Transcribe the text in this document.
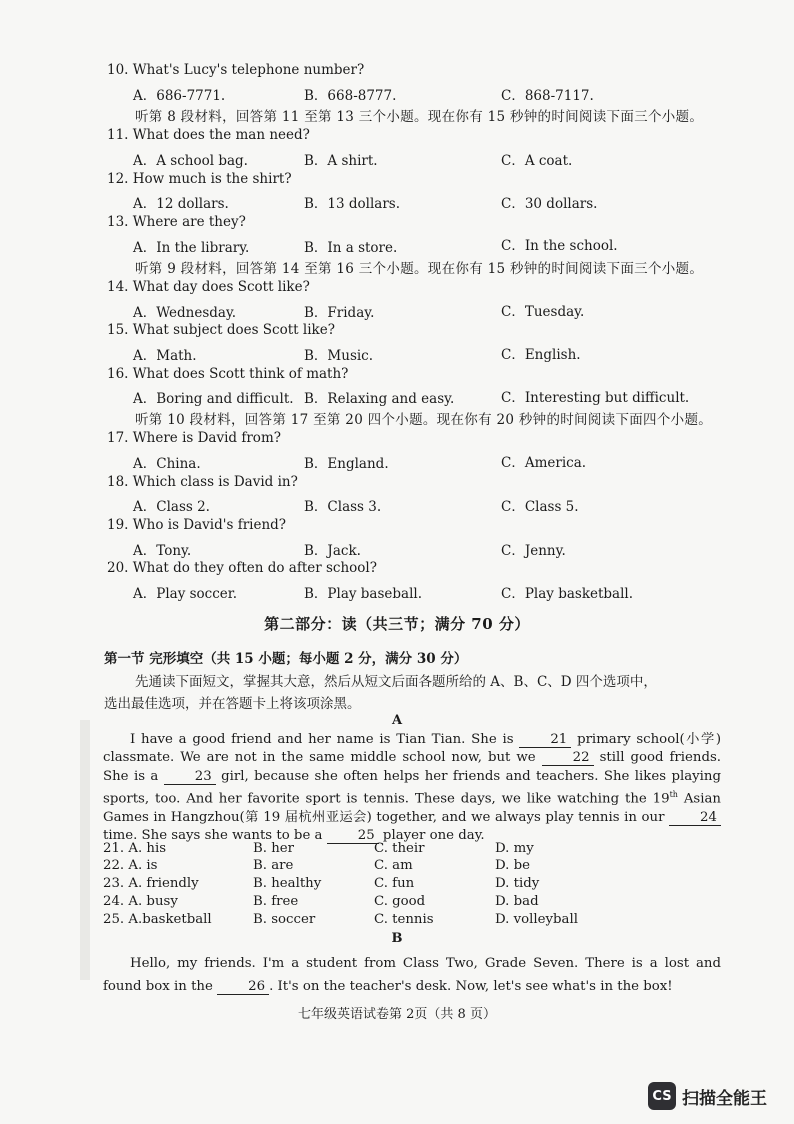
10. What's Lucy's telephone number?
A．686-7771.	B．668-8777.	C．868-7117.
听第 8 段材料，回答第 11 至第 13 三个小题。现在你有 15 秒钟的时间阅读下面三个小题。
11. What does the man need?
A．A school bag.	B．A shirt.	C．A coat.
12. How much is the shirt?
A．12 dollars.	B．13 dollars.	C．30 dollars.
13. Where are they?
A．In the library.	B．In a store.	C．In the school.
听第 9 段材料，回答第 14 至第 16 三个小题。现在你有 15 秒钟的时间阅读下面三个小题。
14. What day does Scott like?
A．Wednesday.	B．Friday.	C．Tuesday.
15. What subject does Scott like?
A．Math.	B．Music.	C．English.
16. What does Scott think of math?
A．Boring and difficult. B．Relaxing and easy.	C．Interesting but difficult.
听第 10 段材料，回答第 17 至第 20 四个小题。现在你有 20 秒钟的时间阅读下面四个小题。
17. Where is David from?
A．China.	B．England.	C．America.
18. Which class is David in?
A．Class 2.	B．Class 3.	C．Class 5.
19. Who is David's friend?
A．Tony.	B．Jack.	C．Jenny.
20. What do they often do after school?
A．Play soccer.	B．Play baseball.	C．Play basketball.
第二部分：读（共三节；满分 70 分）
第一节 完形填空（共 15 小题；每小题 2 分，满分 30 分）
先通读下面短文，掌握其大意，然后从短文后面各题所给的 A、B、C、D 四个选项中，
选出最佳选项，并在答题卡上将该项涂黑。
A
I have a good friend and her name is Tian Tian. She is 21 primary school(小学) classmate. We are not in the same middle school now, but we 22 still good friends. She is a 23 girl, because she often helps her friends and teachers. She likes playing sports, too. And her favorite sport is tennis. These days, we like watching the 19th Asian Games in Hangzhou(第 19 届杭州亚运会) together, and we always play tennis in our 24 time. She says she wants to be a 25 player one day.
21. A. his	B. her	C. their	D. my
22. A. is	B. are	C. am	D. be
23. A. friendly	B. healthy	C. fun	D. tidy
24. A. busy	B. free	C. good	D. bad
25. A.basketball	B. soccer	C. tennis	D. volleyball
B
Hello, my friends. I'm a student from Class Two, Grade Seven. There is a lost and found box in the 26 . It's on the teacher's desk. Now, let's see what's in the box!
七年级英语试卷第 2页（共 8 页）
CS 扫描全能王
